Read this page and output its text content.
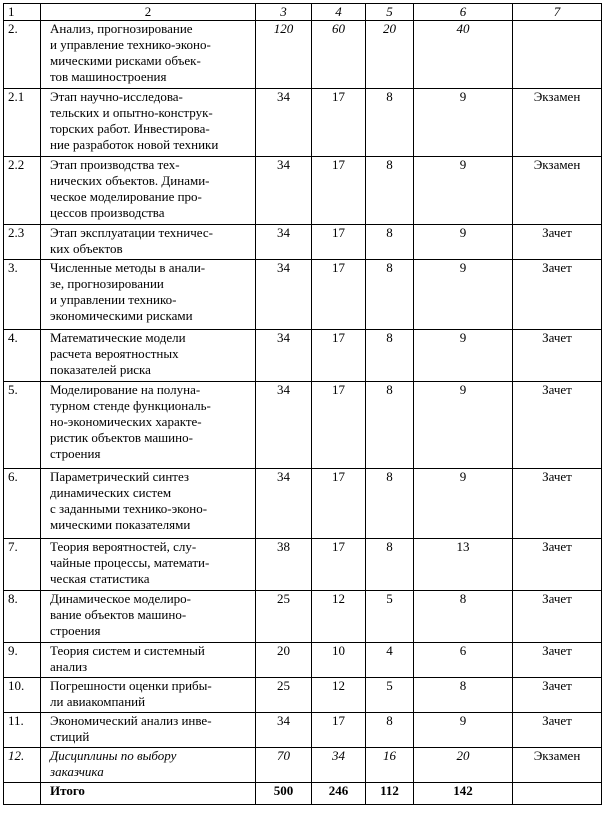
1	2	3	4	5	6	7
2.	Анализ, прогнозирование
и управление технико-эконо-
мическими рисками объек-
тов машиностроения	120	60	20	40	
2.1	Этап научно-исследова-
тельских и опытно-конструк-
торских работ. Инвестирова-
ние разработок новой техники	34	17	8	9	Экзамен
2.2	Этап производства тех-
нических объектов. Динами-
ческое моделирование про-
цессов производства	34	17	8	9	Экзамен
2.3	Этап эксплуатации техничес-
ких объектов	34	17	8	9	Зачет
3.	Численные методы в анали-
зе, прогнозировании
и управлении технико-
экономическими рисками	34	17	8	9	Зачет
4.	Математические модели
расчета вероятностных
показателей риска	34	17	8	9	Зачет
5.	Моделирование на полуна-
турном стенде функциональ-
но-экономических характе-
ристик объектов машино-
строения	34	17	8	9	Зачет
6.	Параметрический синтез
динамических систем
с заданными технико-эконо-
мическими показателями	34	17	8	9	Зачет
7.	Теория вероятностей, слу-
чайные процессы, математи-
ческая статистика	38	17	8	13	Зачет
8.	Динамическое моделиро-
вание объектов машино-
строения	25	12	5	8	Зачет
9.	Теория систем и системный
анализ	20	10	4	6	Зачет
10.	Погрешности оценки прибы-
ли авиакомпаний	25	12	5	8	Зачет
11.	Экономический анализ инве-
стиций	34	17	8	9	Зачет
12.	Дисциплины по выбору
заказчика	70	34	16	20	Экзамен
	Итого	500	246	112	142	
